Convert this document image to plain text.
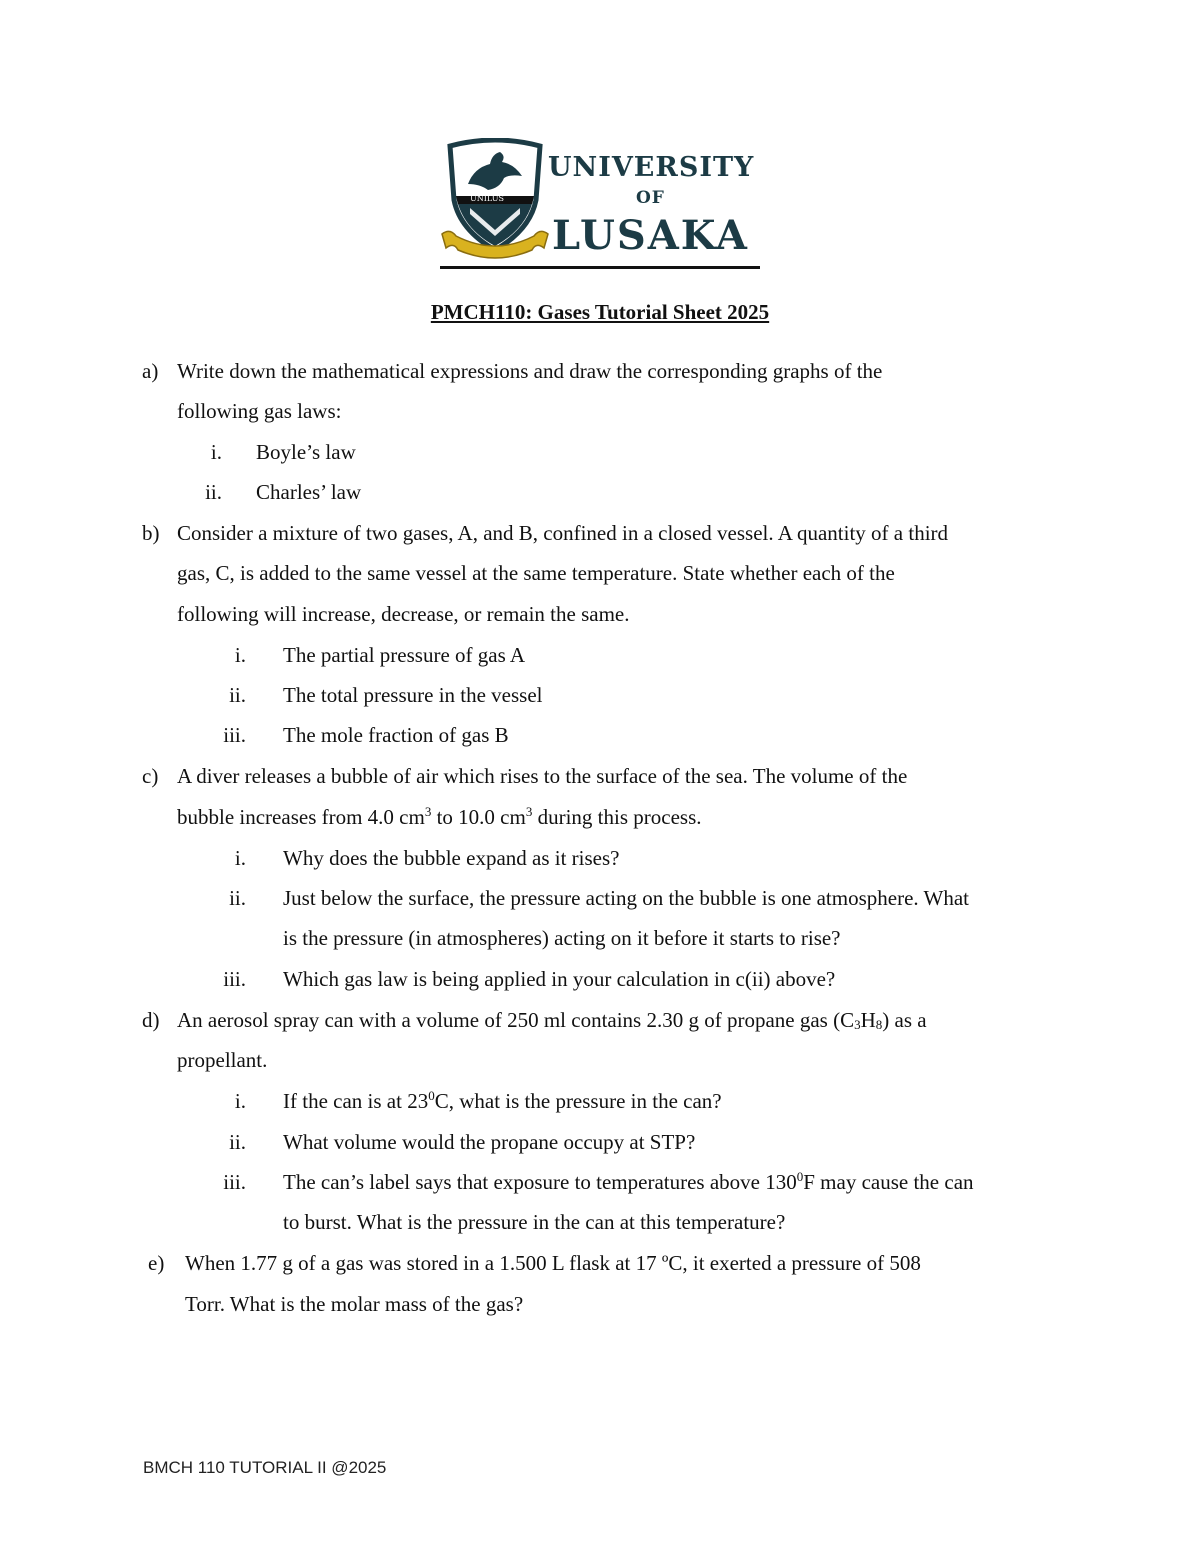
UNILUS
UNIVERSITY
OF
LUSAKA
PMCH110: Gases Tutorial Sheet 2025
a) Write down the mathematical expressions and draw the corresponding graphs of the
following gas laws:
i. Boyle’s law
ii. Charles’ law
b) Consider a mixture of two gases, A, and B, confined in a closed vessel. A quantity of a third
gas, C, is added to the same vessel at the same temperature. State whether each of the
following will increase, decrease, or remain the same.
i. The partial pressure of gas A
ii. The total pressure in the vessel
iii. The mole fraction of gas B
c) A diver releases a bubble of air which rises to the surface of the sea. The volume of the
bubble increases from 4.0 $cm^3$ to 10.0 $cm^3$ during this process.
i. Why does the bubble expand as it rises?
ii. Just below the surface, the pressure acting on the bubble is one atmosphere. What
is the pressure (in atmospheres) acting on it before it starts to rise?
iii. Which gas law is being applied in your calculation in c(ii) above?
d) An aerosol spray can with a volume of 250 ml contains 2.30 g of propane gas $(C_3H_8)$ as a
propellant.
i. If the can is at $23^0C$, what is the pressure in the can?
ii. What volume would the propane occupy at STP?
iii. The can’s label says that exposure to temperatures above $130^0F$ may cause the can
to burst. What is the pressure in the can at this temperature?
e) When 1.77 g of a gas was stored in a 1.500 L flask at 17 ºC, it exerted a pressure of 508
Torr. What is the molar mass of the gas?
BMCH 110 TUTORIAL II @2025
